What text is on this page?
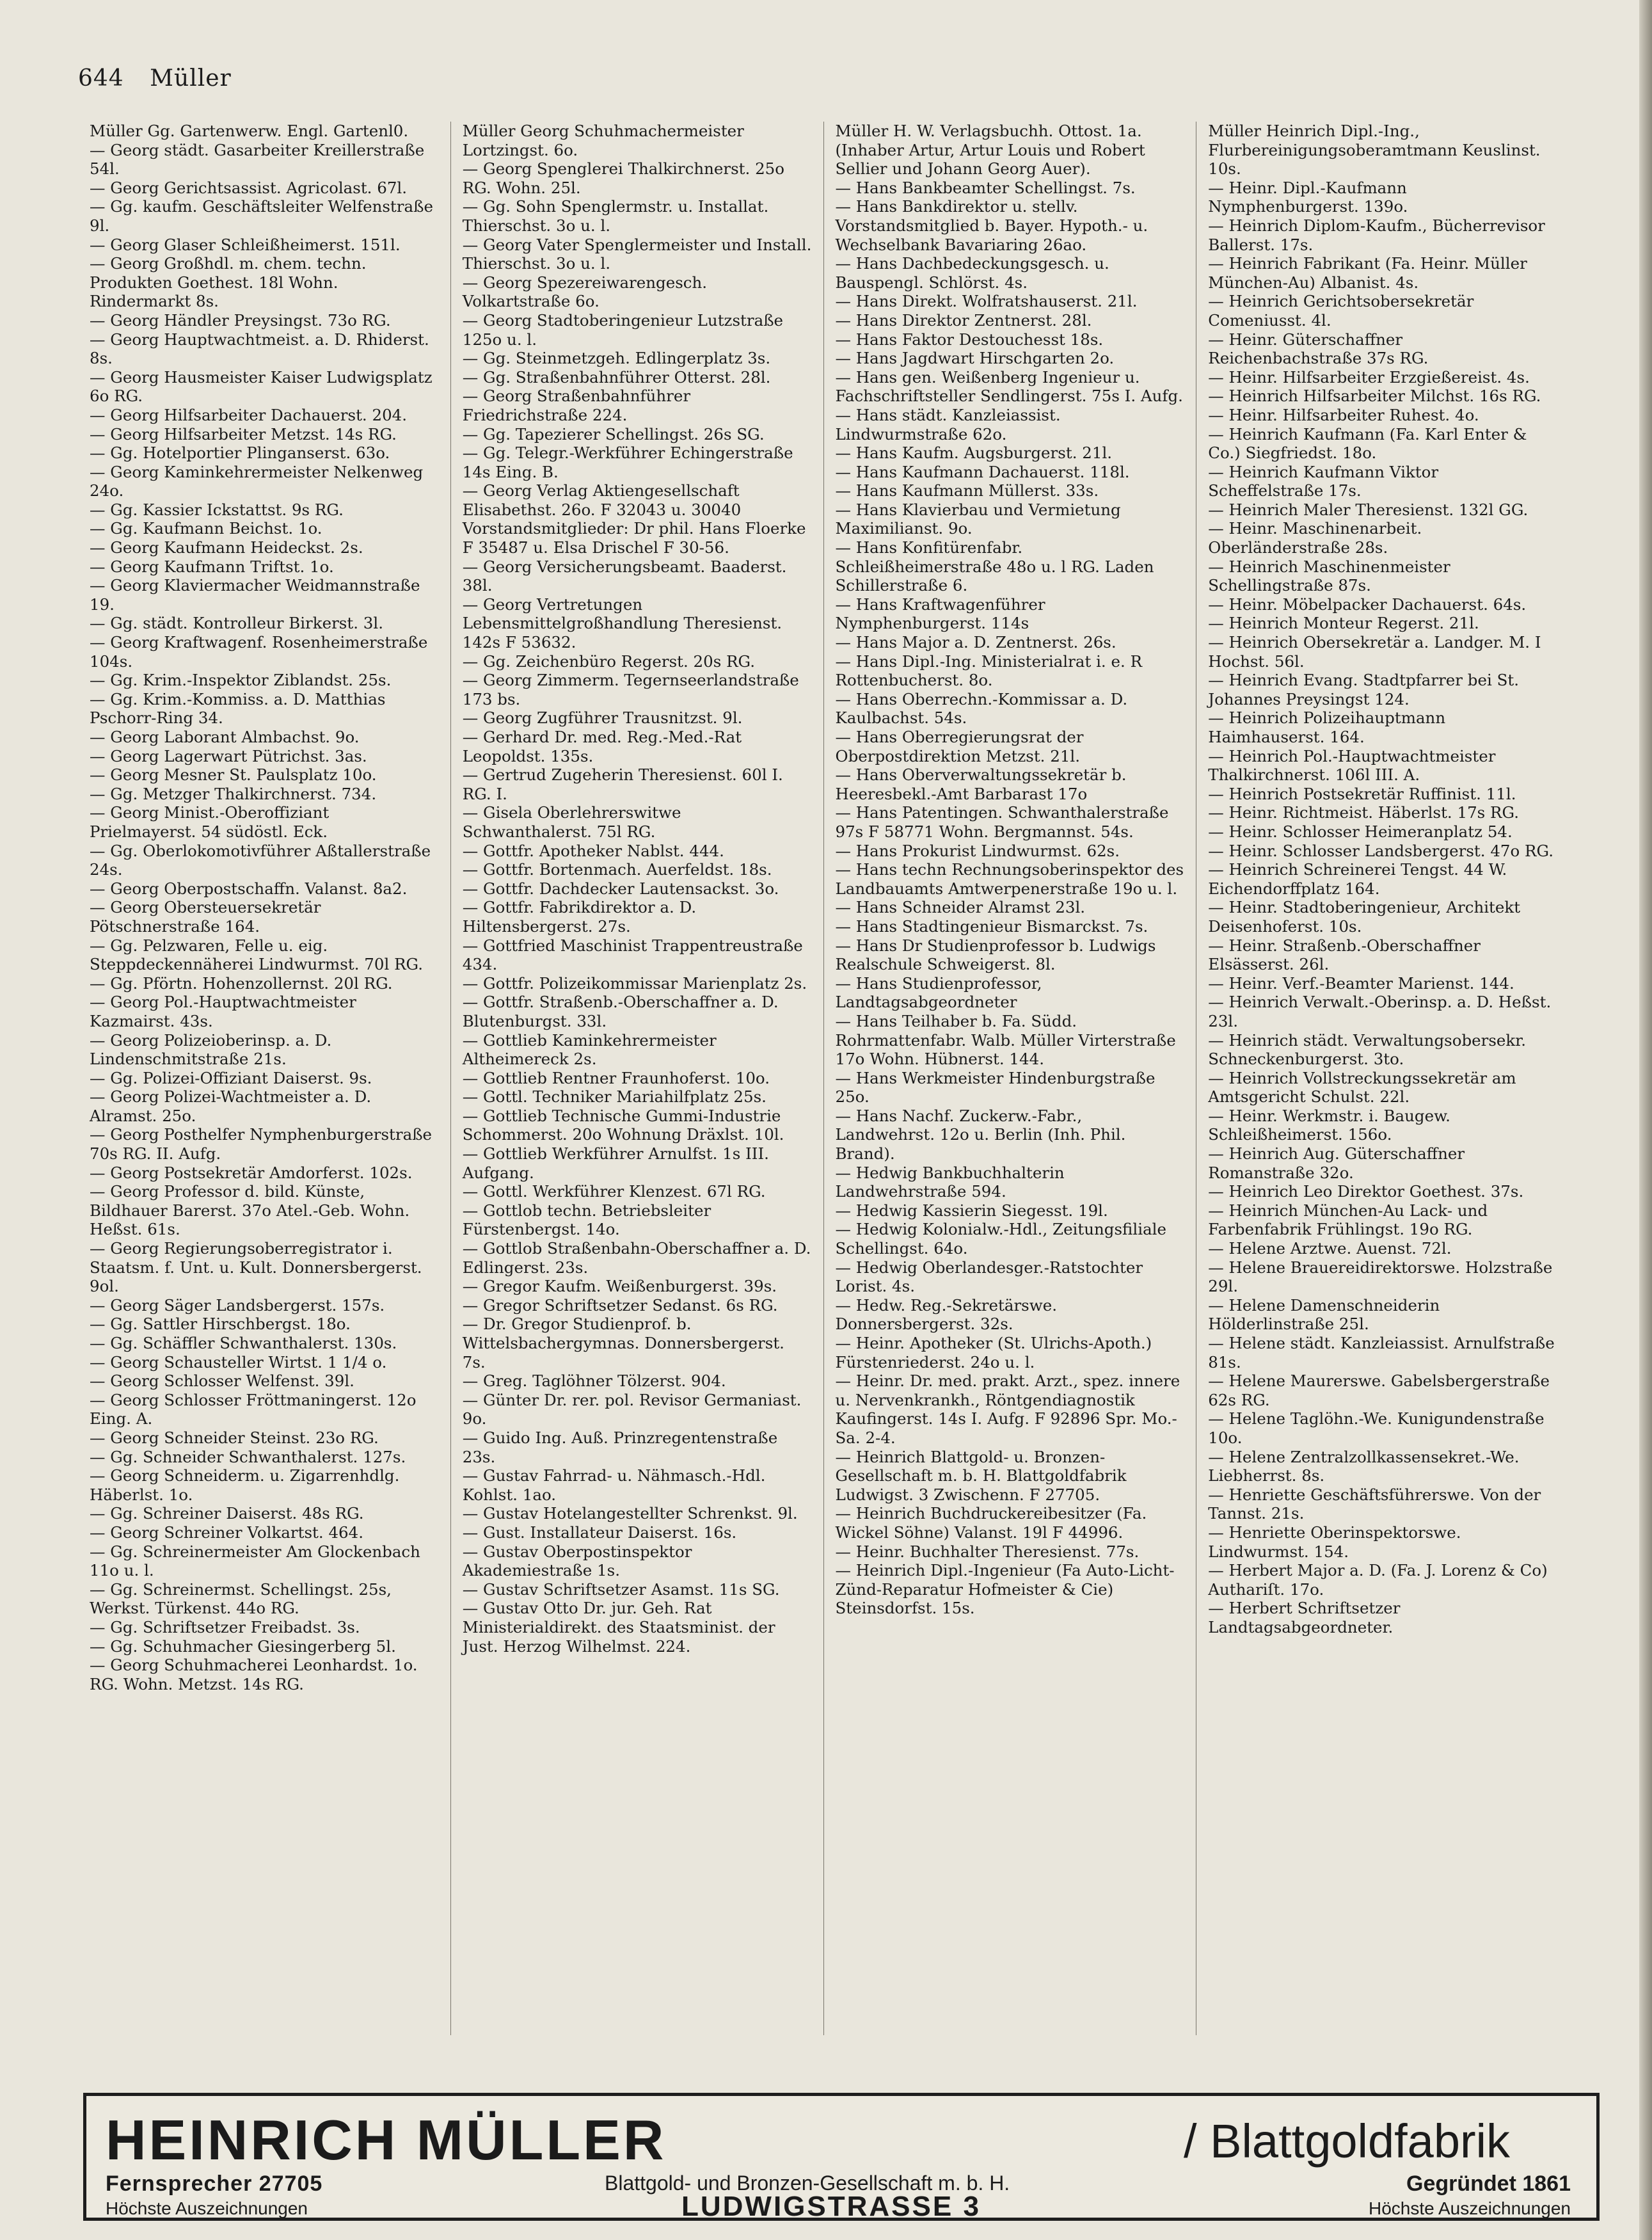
644 Müller

Müller Gg. Gartenwerw. Engl. Gartenl0.

— Georg städt. Gasarbeiter Kreillerstraße 54l.

— Georg Gerichtsassist. Agricolast. 67l.

— Gg. kaufm. Geschäftsleiter Welfenstraße 9l.

— Georg Glaser Schleißheimerst. 151l.

— Georg Großhdl. m. chem. techn. Produkten Goethest. 18l Wohn. Rindermarkt 8s.

— Georg Händler Preysingst. 73o RG.

— Georg Hauptwachtmeist. a. D. Rhiderst. 8s.

— Georg Hausmeister Kaiser Ludwigsplatz 6o RG.

— Georg Hilfsarbeiter Dachauerst. 204.

— Georg Hilfsarbeiter Metzst. 14s RG.

— Gg. Hotelportier Plinganserst. 63o.

— Georg Kaminkehrermeister Nelkenweg 24o.

— Gg. Kassier Ickstattst. 9s RG.

— Gg. Kaufmann Beichst. 1o.

— Georg Kaufmann Heideckst. 2s.

— Georg Kaufmann Triftst. 1o.

— Georg Klaviermacher Weidmannstraße 19.

— Gg. städt. Kontrolleur Birkerst. 3l.

— Georg Kraftwagenf. Rosenheimerstraße 104s.

— Gg. Krim.-Inspektor Ziblandst. 25s.

— Gg. Krim.-Kommiss. a. D. Matthias Pschorr-Ring 34.

— Georg Laborant Almbachst. 9o.

— Georg Lagerwart Pütrichst. 3as.

— Georg Mesner St. Paulsplatz 10o.

— Gg. Metzger Thalkirchnerst. 734.

— Georg Minist.-Oberoffiziant Prielmayerst. 54 südöstl. Eck.

— Gg. Oberlokomotivführer Aßtallerstraße 24s.

— Georg Oberpostschaffn. Valanst. 8a2.

— Georg Obersteuersekretär Pötschnerstraße 164.

— Gg. Pelzwaren, Felle u. eig. Steppdeckennäherei Lindwurmst. 70l RG.

— Gg. Pförtn. Hohenzollernst. 20l RG.

— Georg Pol.-Hauptwachtmeister Kazmairst. 43s.

— Georg Polizeioberinsp. a. D. Lindenschmitstraße 21s.

— Gg. Polizei-Offiziant Daiserst. 9s.

— Georg Polizei-Wachtmeister a. D. Alramst. 25o.

— Georg Posthelfer Nymphenburgerstraße 70s RG. II. Aufg.

— Georg Postsekretär Amdorferst. 102s.

— Georg Professor d. bild. Künste, Bildhauer Barerst. 37o Atel.-Geb. Wohn. Heßst. 61s.

— Georg Regierungsoberregistrator i. Staatsm. f. Unt. u. Kult. Donnersbergerst. 9ol.

— Georg Säger Landsbergerst. 157s.

— Gg. Sattler Hirschbergst. 18o.

— Gg. Schäffler Schwanthalerst. 130s.

— Georg Schausteller Wirtst. 1 1/4 o.

— Georg Schlosser Welfenst. 39l.

— Georg Schlosser Fröttmaningerst. 12o Eing. A.

— Georg Schneider Steinst. 23o RG.

— Gg. Schneider Schwanthalerst. 127s.

— Georg Schneiderm. u. Zigarrenhdlg. Häberlst. 1o.

— Gg. Schreiner Daiserst. 48s RG.

— Georg Schreiner Volkartst. 464.

— Gg. Schreinermeister Am Glockenbach 11o u. l.

— Gg. Schreinermst. Schellingst. 25s, Werkst. Türkenst. 44o RG.

— Gg. Schriftsetzer Freibadst. 3s.

— Gg. Schuhmacher Giesingerberg 5l.

— Georg Schuhmacherei Leonhardst. 1o. RG. Wohn. Metzst. 14s RG.

Müller Georg Schuhmachermeister Lortzingst. 6o.

— Georg Spenglerei Thalkirchnerst. 25o RG. Wohn. 25l.

— Gg. Sohn Spenglermstr. u. Installat. Thierschst. 3o u. l.

— Georg Vater Spenglermeister und Install. Thierschst. 3o u. l.

— Georg Spezereiwarengesch. Volkartstraße 6o.

— Georg Stadtoberingenieur Lutzstraße 125o u. l.

— Gg. Steinmetzgeh. Edlingerplatz 3s.

— Gg. Straßenbahnführer Otterst. 28l.

— Georg Straßenbahnführer Friedrichstraße 224.

— Gg. Tapezierer Schellingst. 26s SG.

— Gg. Telegr.-Werkführer Echingerstraße 14s Eing. B.

— Georg Verlag Aktiengesellschaft Elisabethst. 26o. F 32043 u. 30040 Vorstandsmitglieder: Dr phil. Hans Floerke F 35487 u. Elsa Drischel F 30-56.

— Georg Versicherungsbeamt. Baaderst. 38l.

— Georg Vertretungen Lebensmittelgroßhandlung Theresienst. 142s F 53632.

— Gg. Zeichenbüro Regerst. 20s RG.

— Georg Zimmerm. Tegernseerlandstraße 173 bs.

— Georg Zugführer Trausnitzst. 9l.

— Gerhard Dr. med. Reg.-Med.-Rat Leopoldst. 135s.

— Gertrud Zugeherin Theresienst. 60l I. RG. I.

— Gisela Oberlehrerswitwe Schwanthalerst. 75l RG.

— Gottfr. Apotheker Nablst. 444.

— Gottfr. Bortenmach. Auerfeldst. 18s.

— Gottfr. Dachdecker Lautensackst. 3o.

— Gottfr. Fabrikdirektor a. D. Hiltensbergerst. 27s.

— Gottfried Maschinist Trappentreustraße 434.

— Gottfr. Polizeikommissar Marienplatz 2s.

— Gottfr. Straßenb.-Oberschaffner a. D. Blutenburgst. 33l.

— Gottlieb Kaminkehrermeister Altheimereck 2s.

— Gottlieb Rentner Fraunhoferst. 10o.

— Gottl. Techniker Mariahilfplatz 25s.

— Gottlieb Technische Gummi-Industrie Schommerst. 20o Wohnung Dräxlst. 10l.

— Gottlieb Werkführer Arnulfst. 1s III. Aufgang.

— Gottl. Werkführer Klenzest. 67l RG.

— Gottlob techn. Betriebsleiter Fürstenbergst. 14o.

— Gottlob Straßenbahn-Oberschaffner a. D. Edlingerst. 23s.

— Gregor Kaufm. Weißenburgerst. 39s.

— Gregor Schriftsetzer Sedanst. 6s RG.

— Dr. Gregor Studienprof. b. Wittelsbachergymnas. Donnersbergerst. 7s.

— Greg. Taglöhner Tölzerst. 904.

— Günter Dr. rer. pol. Revisor Germaniast. 9o.

— Guido Ing. Auß. Prinzregentenstraße 23s.

— Gustav Fahrrad- u. Nähmasch.-Hdl. Kohlst. 1ao.

— Gustav Hotelangestellter Schrenkst. 9l.

— Gust. Installateur Daiserst. 16s.

— Gustav Oberpostinspektor Akademiestraße 1s.

— Gustav Schriftsetzer Asamst. 11s SG.

— Gustav Otto Dr. jur. Geh. Rat Ministerialdirekt. des Staatsminist. der Just. Herzog Wilhelmst. 224.

Müller H. W. Verlagsbuchh. Ottost. 1a. (Inhaber Artur, Artur Louis und Robert Sellier und Johann Georg Auer).

— Hans Bankbeamter Schellingst. 7s.

— Hans Bankdirektor u. stellv. Vorstandsmitglied b. Bayer. Hypoth.- u. Wechselbank Bavariaring 26ao.

— Hans Dachbedeckungsgesch. u. Bauspengl. Schlörst. 4s.

— Hans Direkt. Wolfratshauserst. 21l.

— Hans Direktor Zentnerst. 28l.

— Hans Faktor Destouchesst 18s.

— Hans Jagdwart Hirschgarten 2o.

— Hans gen. Weißenberg Ingenieur u. Fachschriftsteller Sendlingerst. 75s I. Aufg.

— Hans städt. Kanzleiassist. Lindwurmstraße 62o.

— Hans Kaufm. Augsburgerst. 21l.

— Hans Kaufmann Dachauerst. 118l.

— Hans Kaufmann Müllerst. 33s.

— Hans Klavierbau und Vermietung Maximilianst. 9o.

— Hans Konfitürenfabr. Schleißheimerstraße 48o u. l RG. Laden Schillerstraße 6.

— Hans Kraftwagenführer Nymphenburgerst. 114s

— Hans Major a. D. Zentnerst. 26s.

— Hans Dipl.-Ing. Ministerialrat i. e. R Rottenbucherst. 8o.

— Hans Oberrechn.-Kommissar a. D. Kaulbachst. 54s.

— Hans Oberregierungsrat der Oberpostdirektion Metzst. 21l.

— Hans Oberverwaltungssekretär b. Heeresbekl.-Amt Barbarast 17o

— Hans Patentingen. Schwanthalerstraße 97s F 58771 Wohn. Bergmannst. 54s.

— Hans Prokurist Lindwurmst. 62s.

— Hans techn Rechnungsoberinspektor des Landbauamts Amtwerpenerstraße 19o u. l.

— Hans Schneider Alramst 23l.

— Hans Stadtingenieur Bismarckst. 7s.

— Hans Dr Studienprofessor b. Ludwigs Realschule Schweigerst. 8l.

— Hans Studienprofessor, Landtagsabgeordneter

— Hans Teilhaber b. Fa. Südd. Rohrmattenfabr. Walb. Müller Virterstraße 17o Wohn. Hübnerst. 144.

— Hans Werkmeister Hindenburgstraße 25o.

— Hans Nachf. Zuckerw.-Fabr., Landwehrst. 12o u. Berlin (Inh. Phil. Brand).

— Hedwig Bankbuchhalterin Landwehrstraße 594.

— Hedwig Kassierin Siegesst. 19l.

— Hedwig Kolonialw.-Hdl., Zeitungsfiliale Schellingst. 64o.

— Hedwig Oberlandesger.-Ratstochter Lorist. 4s.

— Hedw. Reg.-Sekretärswe. Donnersbergerst. 32s.

— Heinr. Apotheker (St. Ulrichs-Apoth.) Fürstenriederst. 24o u. l.

— Heinr. Dr. med. prakt. Arzt., spez. innere u. Nervenkrankh., Röntgendiagnostik Kaufingerst. 14s I. Aufg. F 92896 Spr. Mo.-Sa. 2-4.

— Heinrich Blattgold- u. Bronzen-Gesellschaft m. b. H. Blattgoldfabrik Ludwigst. 3 Zwischenn. F 27705.

— Heinrich Buchdruckereibesitzer (Fa. Wickel Söhne) Valanst. 19l F 44996.

— Heinr. Buchhalter Theresienst. 77s.

— Heinrich Dipl.-Ingenieur (Fa Auto-Licht-Zünd-Reparatur Hofmeister & Cie) Steinsdorfst. 15s.

Müller Heinrich Dipl.-Ing., Flurbereinigungsoberamtmann Keuslinst. 10s.

— Heinr. Dipl.-Kaufmann Nymphenburgerst. 139o.

— Heinrich Diplom-Kaufm., Bücherrevisor Ballerst. 17s.

— Heinrich Fabrikant (Fa. Heinr. Müller München-Au) Albanist. 4s.

— Heinrich Gerichtsobersekretär Comeniusst. 4l.

— Heinr. Güterschaffner Reichenbachstraße 37s RG.

— Heinr. Hilfsarbeiter Erzgießereist. 4s.

— Heinrich Hilfsarbeiter Milchst. 16s RG.

— Heinr. Hilfsarbeiter Ruhest. 4o.

— Heinrich Kaufmann (Fa. Karl Enter & Co.) Siegfriedst. 18o.

— Heinrich Kaufmann Viktor Scheffelstraße 17s.

— Heinrich Maler Theresienst. 132l GG.

— Heinr. Maschinenarbeit. Oberländerstraße 28s.

— Heinrich Maschinenmeister Schellingstraße 87s.

— Heinr. Möbelpacker Dachauerst. 64s.

— Heinrich Monteur Regerst. 21l.

— Heinrich Obersekretär a. Landger. M. I Hochst. 56l.

— Heinrich Evang. Stadtpfarrer bei St. Johannes Preysingst 124.

— Heinrich Polizeihauptmann Haimhauserst. 164.

— Heinrich Pol.-Hauptwachtmeister Thalkirchnerst. 106l III. A.

— Heinrich Postsekretär Ruffinist. 11l.

— Heinr. Richtmeist. Häberlst. 17s RG.

— Heinr. Schlosser Heimeranplatz 54.

— Heinr. Schlosser Landsbergerst. 47o RG.

— Heinrich Schreinerei Tengst. 44 W. Eichendorffplatz 164.

— Heinr. Stadtoberingenieur, Architekt Deisenhoferst. 10s.

— Heinr. Straßenb.-Oberschaffner Elsässerst. 26l.

— Heinr. Verf.-Beamter Marienst. 144.

— Heinrich Verwalt.-Oberinsp. a. D. Heßst. 23l.

— Heinrich städt. Verwaltungsobersekr. Schneckenburgerst. 3to.

— Heinrich Vollstreckungssekretär am Amtsgericht Schulst. 22l.

— Heinr. Werkmstr. i. Baugew. Schleißheimerst. 156o.

— Heinrich Aug. Güterschaffner Romanstraße 32o.

— Heinrich Leo Direktor Goethest. 37s.

— Heinrich München-Au Lack- und Farbenfabrik Frühlingst. 19o RG.

— Helene Arztwe. Auenst. 72l.

— Helene Brauereidirektorswe. Holzstraße 29l.

— Helene Damenschneiderin Hölderlinstraße 25l.

— Helene städt. Kanzleiassist. Arnulfstraße 81s.

— Helene Maurerswe. Gabelsbergerstraße 62s RG.

— Helene Taglöhn.-We. Kunigundenstraße 10o.

— Helene Zentralzollkassensekret.-We. Liebherrst. 8s.

— Henriette Geschäftsführerswe. Von der Tannst. 21s.

— Henriette Oberinspektorswe. Lindwurmst. 154.

— Herbert Major a. D. (Fa. J. Lorenz & Co) Authariſt. 17o.

— Herbert Schriftsetzer Landtagsabgeordneter.

HEINRICH MÜLLER	/ Blattgoldfabrik
Fernsprecher 27705
Höchste Auszeichnungen
Blattgold- und Bronzen-Gesellschaft m. b. H.
LUDWIGSTRASSE 3
Gegründet 1861
Höchste Auszeichnungen
